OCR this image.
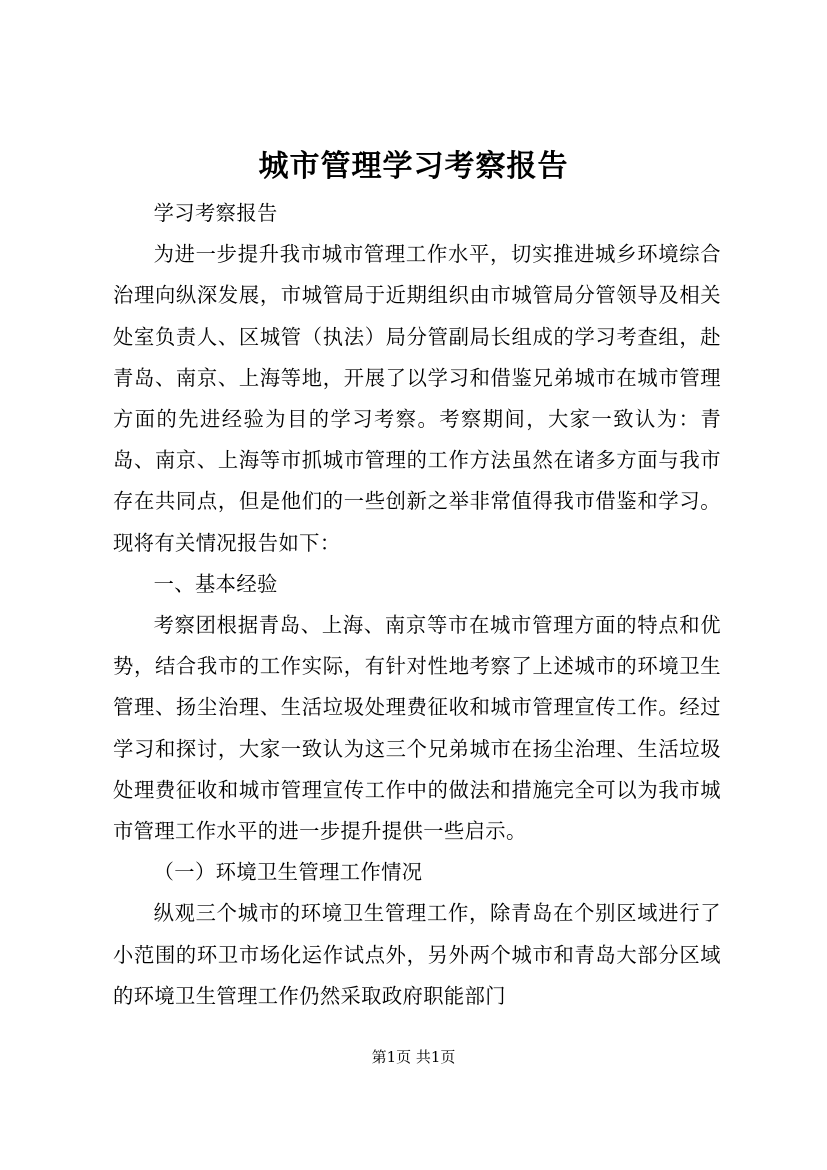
城市管理学习考察报告

学习考察报告

为进一步提升我市城市管理工作水平，切实推进城乡环境综合治理向纵深发展，市城管局于近期组织由市城管局分管领导及相关处室负责人、区城管（执法）局分管副局长组成的学习考查组，赴青岛、南京、上海等地，开展了以学习和借鉴兄弟城市在城市管理方面的先进经验为目的学习考察。考察期间，大家一致认为：青岛、南京、上海等市抓城市管理的工作方法虽然在诸多方面与我市存在共同点，但是他们的一些创新之举非常值得我市借鉴和学习。现将有关情况报告如下：

一、基本经验

考察团根据青岛、上海、南京等市在城市管理方面的特点和优势，结合我市的工作实际，有针对性地考察了上述城市的环境卫生管理、扬尘治理、生活垃圾处理费征收和城市管理宣传工作。经过学习和探讨，大家一致认为这三个兄弟城市在扬尘治理、生活垃圾处理费征收和城市管理宣传工作中的做法和措施完全可以为我市城市管理工作水平的进一步提升提供一些启示。

（一）环境卫生管理工作情况

纵观三个城市的环境卫生管理工作，除青岛在个别区域进行了小范围的环卫市场化运作试点外，另外两个城市和青岛大部分区域的环境卫生管理工作仍然采取政府职能部门

第1页 共1页
